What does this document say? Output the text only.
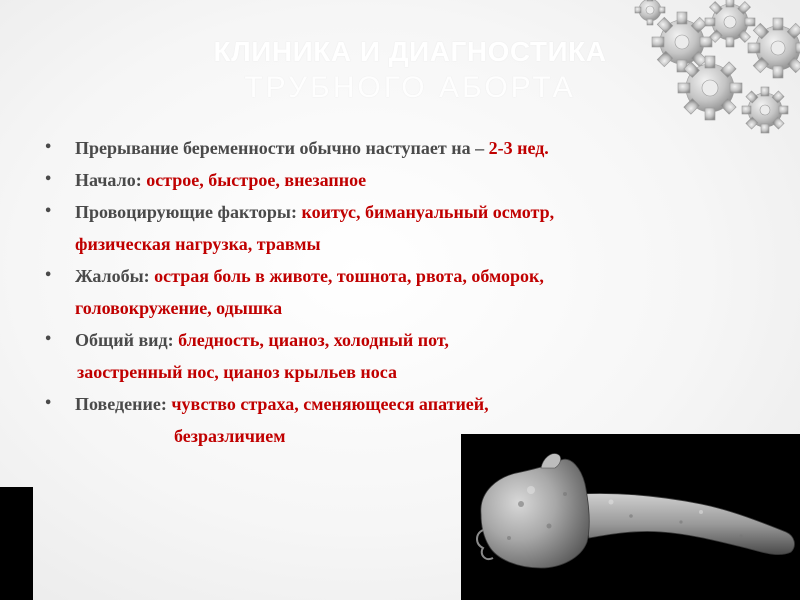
КЛИНИКА И ДИАГНОСТИКА
ТРУБНОГО АБОРТА
• Прерывание беременности обычно наступает на – 2-3 нед.
• Начало: острое, быстрое, внезапное
• Провоцирующие факторы: коитус, бимануальный осмотр,
физическая нагрузка, травмы
• Жалобы: острая боль в животе, тошнота, рвота, обморок,
головокружение, одышка
• Общий вид: бледность, цианоз, холодный пот,
заостренный нос, цианоз крыльев носа
• Поведение: чувство страха, сменяющееся апатией,
безразличием
